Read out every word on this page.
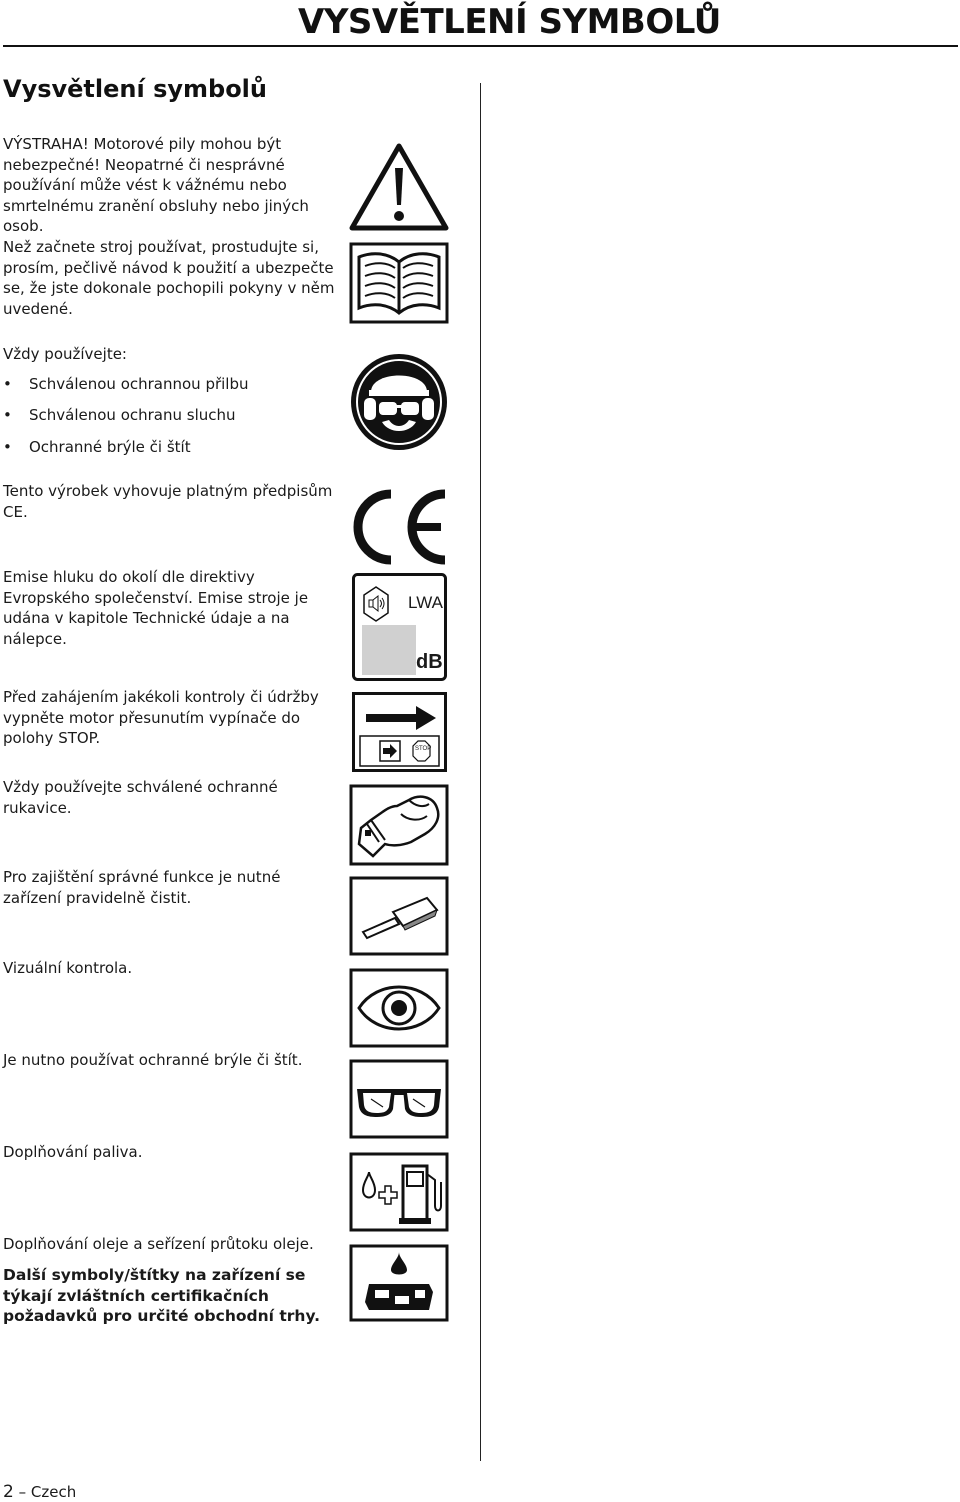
VYSVĚTLENÍ SYMBOLŮ
Vysvětlení symbolů
VÝSTRAHA! Motorové pily mohou být nebezpečné! Neopatrné či nesprávné používání může vést k vážnému nebo smrtelnému zranění obsluhy nebo jiných osob.
Než začnete stroj používat, prostudujte si, prosím, pečlivě návod k použití a ubezpečte se, že jste dokonale pochopili pokyny v něm uvedené.
Vždy používejte:
• Schválenou ochrannou přilbu
• Schválenou ochranu sluchu
• Ochranné brýle či štít
Tento výrobek vyhovuje platným předpisům CE.
Emise hluku do okolí dle direktivy Evropského společenství. Emise stroje je udána v kapitole Technické údaje a na nálepce.
Před zahájením jakékoli kontroly či údržby vypněte motor přesunutím vypínače do polohy STOP.
Vždy používejte schválené ochranné rukavice.
Pro zajištění správné funkce je nutné zařízení pravidelně čistit.
Vizuální kontrola.
Je nutno používat ochranné brýle či štít.
Doplňování paliva.
Doplňování oleje a seřízení průtoku oleje.
Další symboly/štítky na zařízení se týkají zvláštních certifikačních požadavků pro určité obchodní trhy.
LWA
dB
STOP
2 – Czech
